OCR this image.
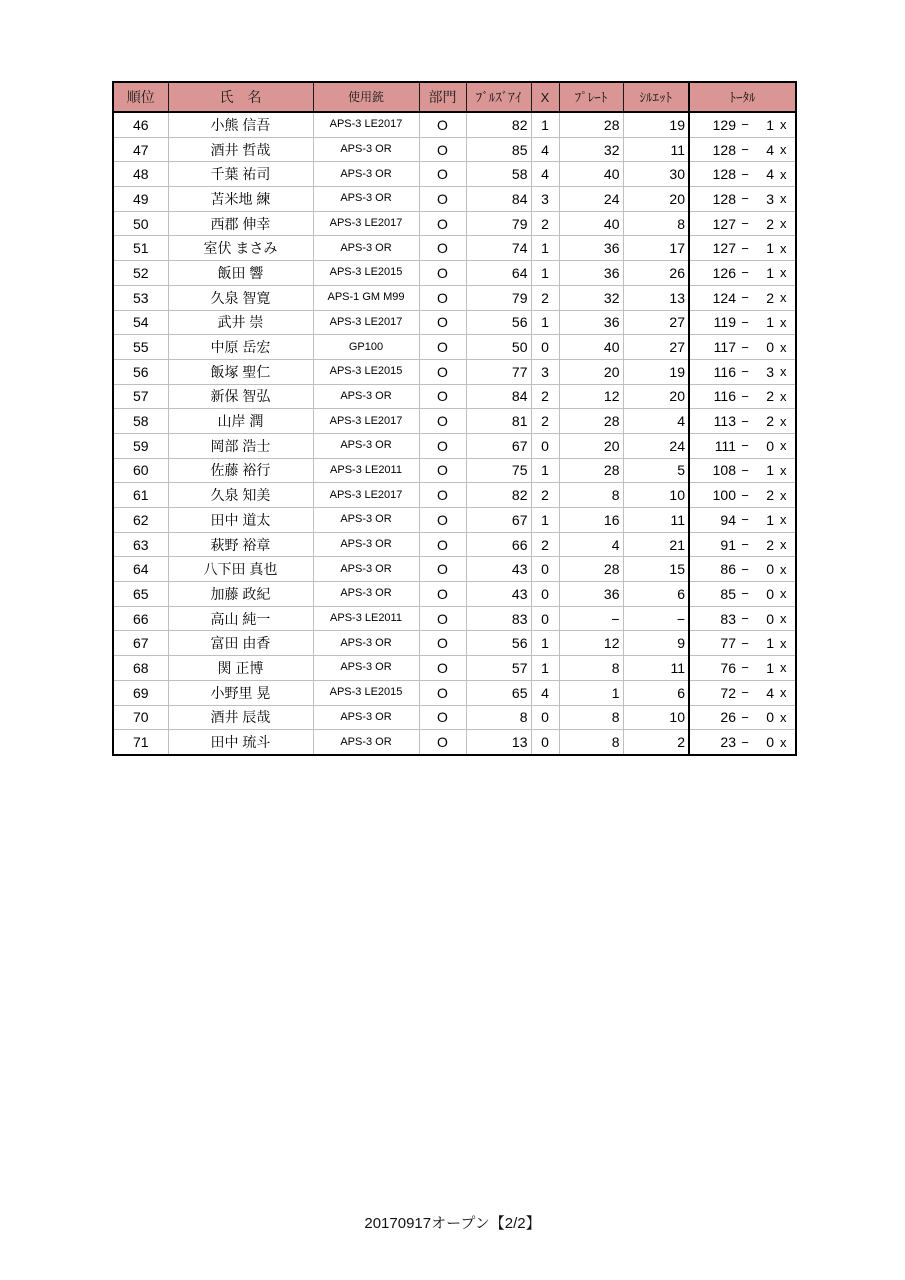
順位	氏　名	使用銃	部門	ﾌﾞﾙｽﾞｱｲ	X	ﾌﾟﾚｰﾄ	ｼﾙｴｯﾄ	ﾄｰﾀﾙ
46	小熊 信吾	APS-3 LE2017	O	82	1	28	19	129 − 1 x

47	酒井 哲哉	APS-3 OR	O	85	4	32	11	128 − 4 x

48	千葉 祐司	APS-3 OR	O	58	4	40	30	128 − 4 x

49	苫米地 練	APS-3 OR	O	84	3	24	20	128 − 3 x

50	西郡 伸幸	APS-3 LE2017	O	79	2	40	8	127 − 2 x

51	室伏 まさみ	APS-3 OR	O	74	1	36	17	127 − 1 x

52	飯田 響	APS-3 LE2015	O	64	1	36	26	126 − 1 x

53	久泉 智寛	APS-1 GM M99	O	79	2	32	13	124 − 2 x

54	武井 崇	APS-3 LE2017	O	56	1	36	27	119 − 1 x

55	中原 岳宏	GP100	O	50	0	40	27	117 − 0 x

56	飯塚 聖仁	APS-3 LE2015	O	77	3	20	19	116 − 3 x

57	新保 智弘	APS-3 OR	O	84	2	12	20	116 − 2 x

58	山岸 潤	APS-3 LE2017	O	81	2	28	4	113 − 2 x

59	岡部 浩士	APS-3 OR	O	67	0	20	24	111 − 0 x

60	佐藤 裕行	APS-3 LE2011	O	75	1	28	5	108 − 1 x

61	久泉 知美	APS-3 LE2017	O	82	2	8	10	100 − 2 x

62	田中 道太	APS-3 OR	O	67	1	16	11	94 − 1 x

63	萩野 裕章	APS-3 OR	O	66	2	4	21	91 − 2 x

64	八下田 真也	APS-3 OR	O	43	0	28	15	86 − 0 x

65	加藤 政紀	APS-3 OR	O	43	0	36	6	85 − 0 x

66	高山 純一	APS-3 LE2011	O	83	0	−	−	83 − 0 x

67	富田 由香	APS-3 OR	O	56	1	12	9	77 − 1 x

68	関 正博	APS-3 OR	O	57	1	8	11	76 − 1 x

69	小野里 晃	APS-3 LE2015	O	65	4	1	6	72 − 4 x

70	酒井 辰哉	APS-3 OR	O	8	0	8	10	26 − 0 x

71	田中 琉斗	APS-3 OR	O	13	0	8	2	23 − 0 x
20170917オープン【2/2】
